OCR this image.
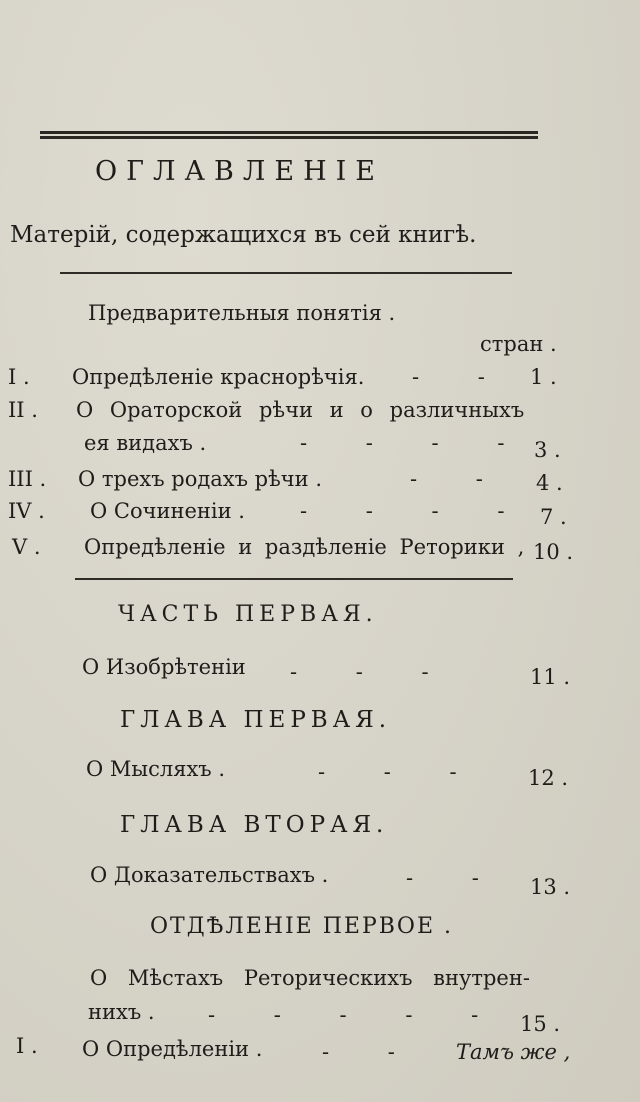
ОГЛАВЛЕНІЕ
Матерій, содержащихся въ сей книгѣ.
Предварительныя понятія .
стран .
I . Опредѣленіе краснорѣчія. - - 1 .
II . О Ораторской рѣчи и о различныхъ
ея видахъ .	- - - - 3 .
III . О трехъ родахъ рѣчи .	- - 4 .
IV . О Сочиненіи .	- - - - 7 .
V . Опредѣленіе и раздѣленіе Реторики , 10 .
ЧАСТЬ ПЕРВАЯ.
О Изобрѣтеніи - - -	11 .
ГЛАВА ПЕРВАЯ.
О Мысляхъ .	- - - 12 .
ГЛАВА ВТОРАЯ.
О Доказательствахъ .	- - 13 .
ОТДѢЛЕНІЕ ПЕРВОЕ .
О Мѣстахъ Реторическихъ внутрен-
нихъ .	- - - - - 15 .
I . О Опредѣленіи .	- - Тамъ же ,
